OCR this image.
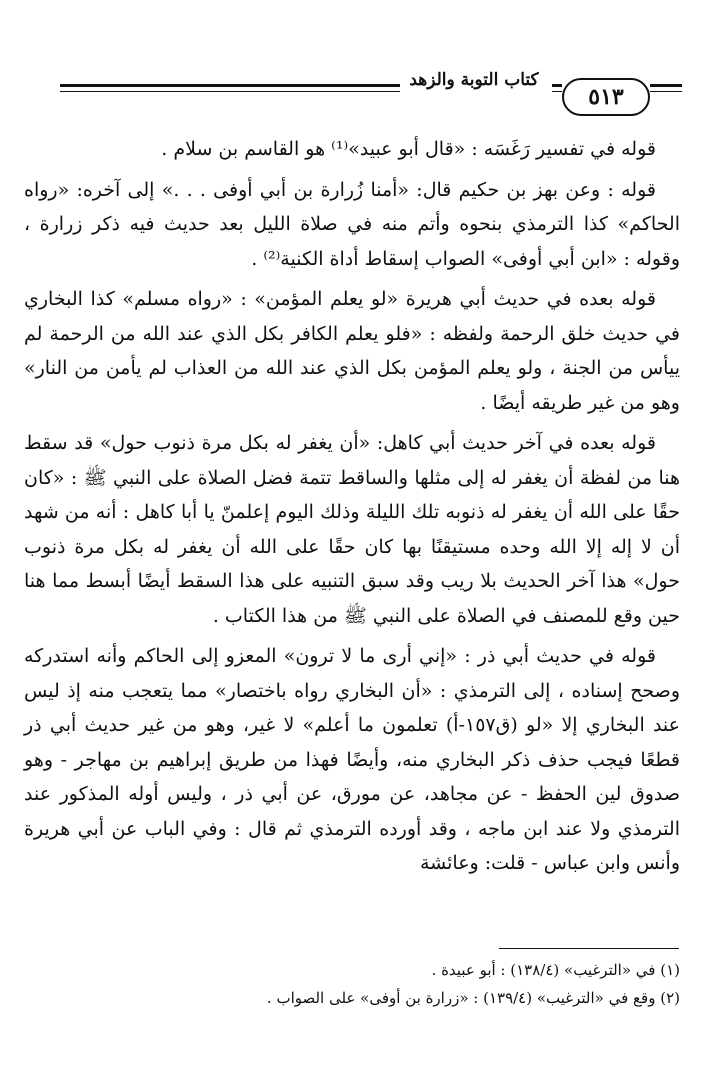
كتاب التوبة والزهد
٥١٣

قوله في تفسير رَغَسَه : «قال أبو عبيد»⁽¹⁾ هو القاسم بن سلام .

قوله : وعن بهز بن حكيم قال: «أمنا زُرارة بن أبي أوفى . . .» إلى آخره: «رواه الحاكم» كذا الترمذي بنحوه وأتم منه في صلاة الليل بعد حديث فيه ذكر زرارة ، وقوله : «ابن أبي أوفى» الصواب إسقاط أداة الكنية⁽²⁾ .

قوله بعده في حديث أبي هريرة «لو يعلم المؤمن» : «رواه مسلم» كذا البخاري في حديث خلق الرحمة ولفظه : «فلو يعلم الكافر بكل الذي عند الله من الرحمة لم ييأس من الجنة ، ولو يعلم المؤمن بكل الذي عند الله من العذاب لم يأمن من النار» وهو من غير طريقه أيضًا .

قوله بعده في آخر حديث أبي كاهل: «أن يغفر له بكل مرة ذنوب حول» قد سقط هنا من لفظة أن يغفر له إلى مثلها والساقط تتمة فضل الصلاة على النبي ﷺ : «كان حقًا على الله أن يغفر له ذنوبه تلك الليلة وذلك اليوم إعلمنّ يا أبا كاهل : أنه من شهد أن لا إله إلا الله وحده مستيقنًا بها كان حقًا على الله أن يغفر له بكل مرة ذنوب حول» هذا آخر الحديث بلا ريب وقد سبق التنبيه على هذا السقط أيضًا أبسط مما هنا حين وقع للمصنف في الصلاة على النبي ﷺ من هذا الكتاب .

قوله في حديث أبي ذر : «إني أرى ما لا ترون» المعزو إلى الحاكم وأنه استدركه وصحح إسناده ، إلى الترمذي : «أن البخاري رواه باختصار» مما يتعجب منه إذ ليس عند البخاري إلا «لو (ق١٥٧-أ) تعلمون ما أعلم» لا غير، وهو من غير حديث أبي ذر قطعًا فيجب حذف ذكر البخاري منه، وأيضًا فهذا من طريق إبراهيم بن مهاجر - وهو صدوق لين الحفظ - عن مجاهد، عن مورق، عن أبي ذر ، وليس أوله المذكور عند الترمذي ولا عند ابن ماجه ، وقد أورده الترمذي ثم قال : وفي الباب عن أبي هريرة وأنس وابن عباس - قلت: وعائشة

(١) في «الترغيب» (١٣٨/٤) : أبو عبيدة .

(٢) وقع في «الترغيب» (١٣٩/٤) : «زرارة بن أوفى» على الصواب .
